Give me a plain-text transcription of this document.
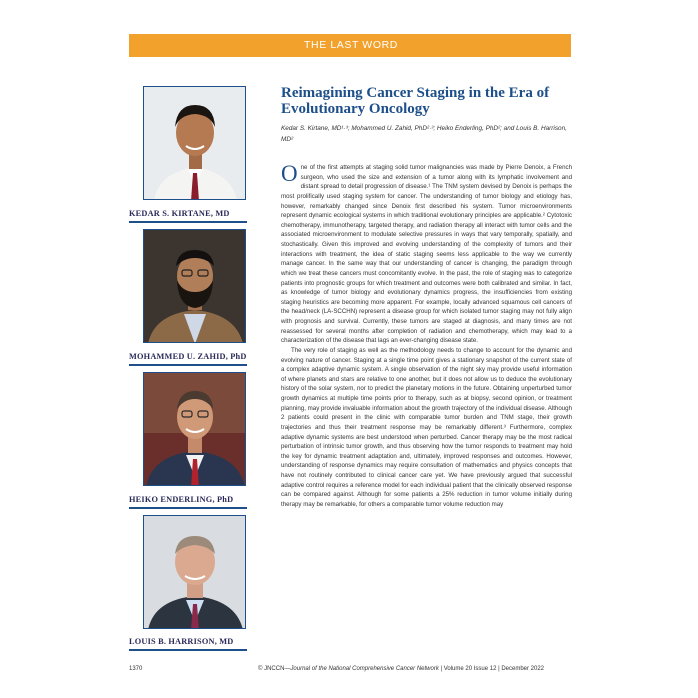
THE LAST WORD
KEDAR S. KIRTANE, MD
MOHAMMED U. ZAHID, PhD
HEIKO ENDERLING, PhD
LOUIS B. HARRISON, MD
Reimagining Cancer Staging in the Era of Evolutionary Oncology
Kedar S. Kirtane, MD¹·³; Mohammed U. Zahid, PhD²·³; Heiko Enderling, PhD²; and Louis B. Harrison, MD²

One of the first attempts at staging solid tumor malignancies was made by Pierre Denoix, a French surgeon, who used the size and extension of a tumor along with its lymphatic involvement and distant spread to detail progression of disease.¹ The TNM system devised by Denoix is perhaps the most prolifically used staging system for cancer. The understanding of tumor biology and etiology has, however, remarkably changed since Denoix first described his system. Tumor microenvironments represent dynamic ecological systems in which traditional evolutionary principles are applicable.² Cytotoxic chemotherapy, immunotherapy, targeted therapy, and radiation therapy all interact with tumor cells and the associated microenvironment to modulate selective pressures in ways that vary temporally, spatially, and stochastically. Given this improved and evolving understanding of the complexity of tumors and their interactions with treatment, the idea of static staging seems less applicable to the way we currently manage cancer. In the same way that our understanding of cancer is changing, the paradigm through which we treat these cancers must concomitantly evolve. In the past, the role of staging was to categorize patients into prognostic groups for which treatment and outcomes were both calibrated and similar. In fact, as knowledge of tumor biology and evolutionary dynamics progress, the insufficiencies from existing staging heuristics are becoming more apparent. For example, locally advanced squamous cell cancers of the head/neck (LA-SCCHN) represent a disease group for which isolated tumor staging may not fully align with prognosis and survival. Currently, these tumors are staged at diagnosis, and many times are not reassessed for several months after completion of radiation and chemotherapy, which may lead to a characterization of the disease that lags an ever-changing disease state.

The very role of staging as well as the methodology needs to change to account for the dynamic and evolving nature of cancer. Staging at a single time point gives a stationary snapshot of the current state of a complex adaptive dynamic system. A single observation of the night sky may provide useful information of where planets and stars are relative to one another, but it does not allow us to deduce the evolutionary history of the solar system, nor to predict the planetary motions in the future. Obtaining unperturbed tumor growth dynamics at multiple time points prior to therapy, such as at biopsy, second opinion, or treatment planning, may provide invaluable information about the growth trajectory of the individual disease. Although 2 patients could present in the clinic with comparable tumor burden and TNM stage, their growth trajectories and thus their treatment response may be remarkably different.³ Furthermore, complex adaptive dynamic systems are best understood when perturbed. Cancer therapy may be the most radical perturbation of intrinsic tumor growth, and thus observing how the tumor responds to treatment may hold the key for dynamic treatment adaptation and, ultimately, improved responses and outcomes. However, understanding of response dynamics may require consultation of mathematics and physics concepts that have not routinely contributed to clinical cancer care yet. We have previously argued that successful adaptive control requires a reference model for each individual patient that the clinically observed response can be compared against. Although for some patients a 25% reduction in tumor volume initially during therapy may be remarkable, for others a comparable tumor volume reduction may

1370	© JNCCN—Journal of the National Comprehensive Cancer Network | Volume 20 Issue 12 | December 2022
